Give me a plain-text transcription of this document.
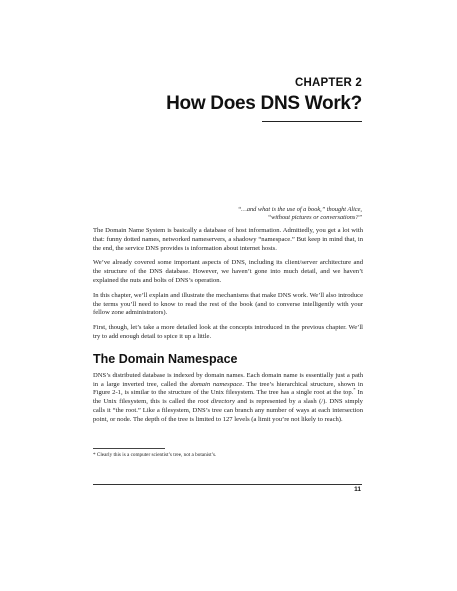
CHAPTER 2
How Does DNS Work?
“…and what is the use of a book,” thought Alice,
“without pictures or conversations?”

The Domain Name System is basically a database of host information. Admittedly, you get a lot with that: funny dotted names, networked nameservers, a shadowy “namespace.” But keep in mind that, in the end, the service DNS provides is information about internet hosts.

We’ve already covered some important aspects of DNS, including its client/server architecture and the structure of the DNS database. However, we haven’t gone into much detail, and we haven’t explained the nuts and bolts of DNS’s operation.

In this chapter, we’ll explain and illustrate the mechanisms that make DNS work. We’ll also introduce the terms you’ll need to know to read the rest of the book (and to converse intelligently with your fellow zone administrators).

First, though, let’s take a more detailed look at the concepts introduced in the previous chapter. We’ll try to add enough detail to spice it up a little.

The Domain Namespace

DNS’s distributed database is indexed by domain names. Each domain name is essentially just a path in a large inverted tree, called the domain namespace. The tree’s hierarchical structure, shown in Figure 2-1, is similar to the structure of the Unix filesystem. The tree has a single root at the top.* In the Unix filesystem, this is called the root directory and is represented by a slash (/). DNS simply calls it “the root.” Like a filesystem, DNS’s tree can branch any number of ways at each intersection point, or node. The depth of the tree is limited to 127 levels (a limit you’re not likely to reach).

* Clearly this is a computer scientist’s tree, not a botanist’s.
11
